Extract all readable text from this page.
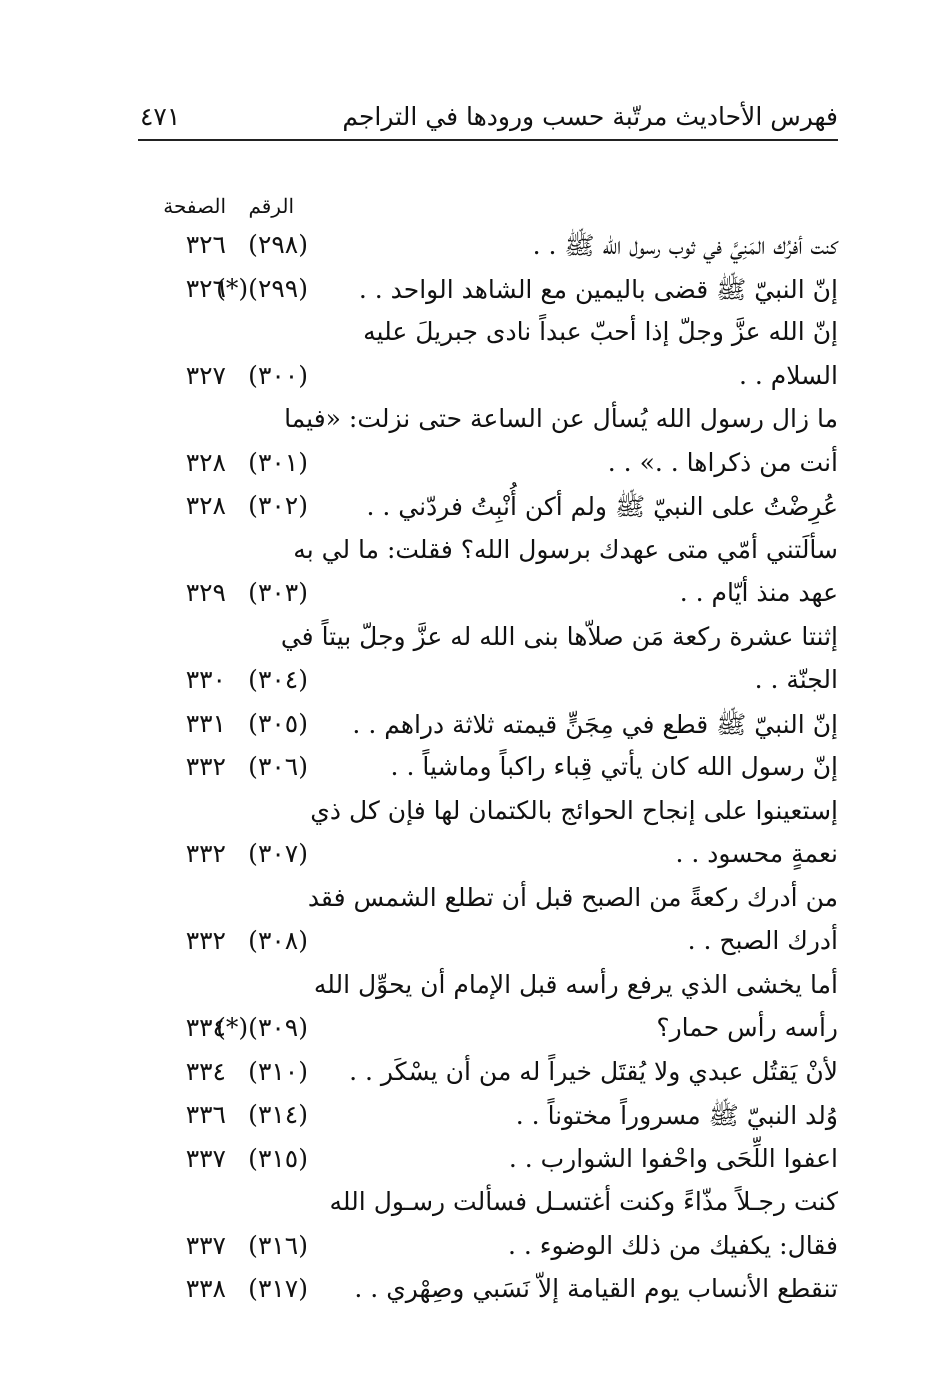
فهرس الأحاديث مرتّبة حسب ورودها في التراجم
٤٧١
الرقم
الصفحة
كنت أفرُك المَنِيَّ في ثوب رسول الله ﷺ . .
(٢٩٨)
٣٢٦
إنّ النبيّ ﷺ قضى باليمين مع الشاهد الواحد . .
(٢٩٩)(*)
٣٢٦
إنّ الله عزَّ وجلّ إذا أحبّ عبداً نادى جبريلَ عليه
السلام . .
(٣٠٠)
٣٢٧
ما زال رسول الله يُسأل عن الساعة حتى نزلت: «فيما
أنت من ذكراها . .» . .
(٣٠١)
٣٢٨
عُرِضْتُ على النبيّ ﷺ ولم أكن أُنْبِتُ فردّني . .
(٣٠٢)
٣٢٨
سألَتني أمّي متى عهدك برسول الله؟ فقلت: ما لي به
عهد منذ أيّام . .
(٣٠٣)
٣٢٩
إثنتا عشرة ركعة مَن صلاّها بنى الله له عزَّ وجلّ بيتاً في
الجنّة . .
(٣٠٤)
٣٣٠
إنّ النبيّ ﷺ قطع في مِجَنٍّ قيمته ثلاثة دراهم . .
(٣٠٥)
٣٣١
إنّ رسول الله كان يأتي قِباء راكباً وماشياً . .
(٣٠٦)
٣٣٢
إستعينوا على إنجاح الحوائج بالكتمان لها فإن كل ذي
نعمةٍ محسود . .
(٣٠٧)
٣٣٢
من أدرك ركعةً من الصبح قبل أن تطلع الشمس فقد
أدرك الصبح . .
(٣٠٨)
٣٣٢
أما يخشى الذي يرفع رأسه قبل الإمام أن يحوِّل الله
رأسه رأس حمار؟
(٣٠٩)(*)
٣٣٤
لأنْ يَقتُل عبدي ولا يُقتَل خيراً له من أن يسْكَر . .
(٣١٠)
٣٣٤
وُلد النبيّ ﷺ مسروراً مختوناً . .
(٣١٤)
٣٣٦
اعفوا اللِّحَى واحْفوا الشوارب . .
(٣١٥)
٣٣٧
كنت رجـلاً مذّاءً وكنت أغتسـل فسألت رسـول الله
فقال: يكفيك من ذلك الوضوء . .
(٣١٦)
٣٣٧
تنقطع الأنساب يوم القيامة إلاّ نَسَبي وصِهْري . .
(٣١٧)
٣٣٨
